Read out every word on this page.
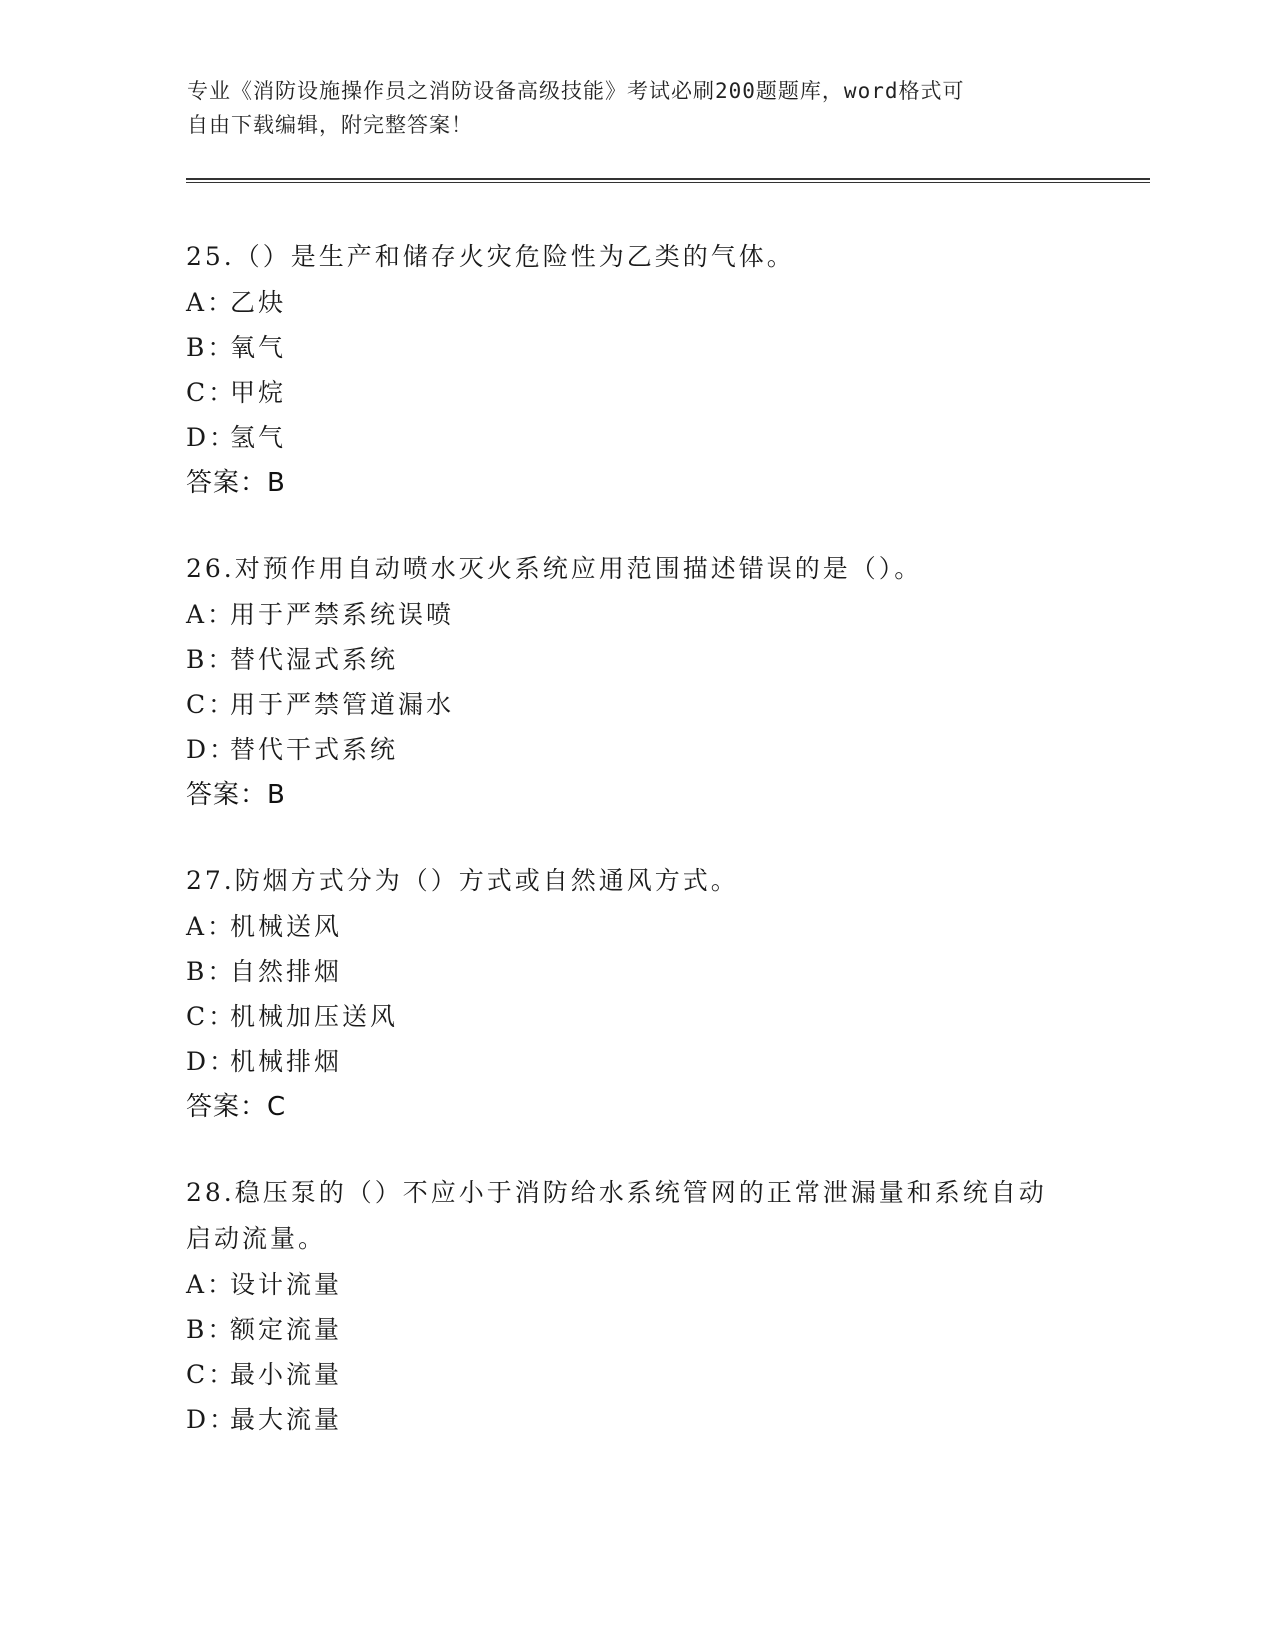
专业《消防设施操作员之消防设备高级技能》考试必刷200题题库，word格式可
自由下载编辑，附完整答案！
25.（）是生产和储存火灾危险性为乙类的气体。
A：
乙炔
B：
氧气
C：
甲烷
D：
氢气
答案：B
26.对预作用自动喷水灭火系统应用范围描述错误的是（）。
A：
用于严禁系统误喷
B：
替代湿式系统
C：
用于严禁管道漏水
D：
替代干式系统
答案：B
27.防烟方式分为（）方式或自然通风方式。
A：
机械送风
B：
自然排烟
C：
机械加压送风
D：
机械排烟
答案：C
28.稳压泵的（）不应小于消防给水系统管网的正常泄漏量和系统自动
启动流量。
A：
设计流量
B：
额定流量
C：
最小流量
D：
最大流量
